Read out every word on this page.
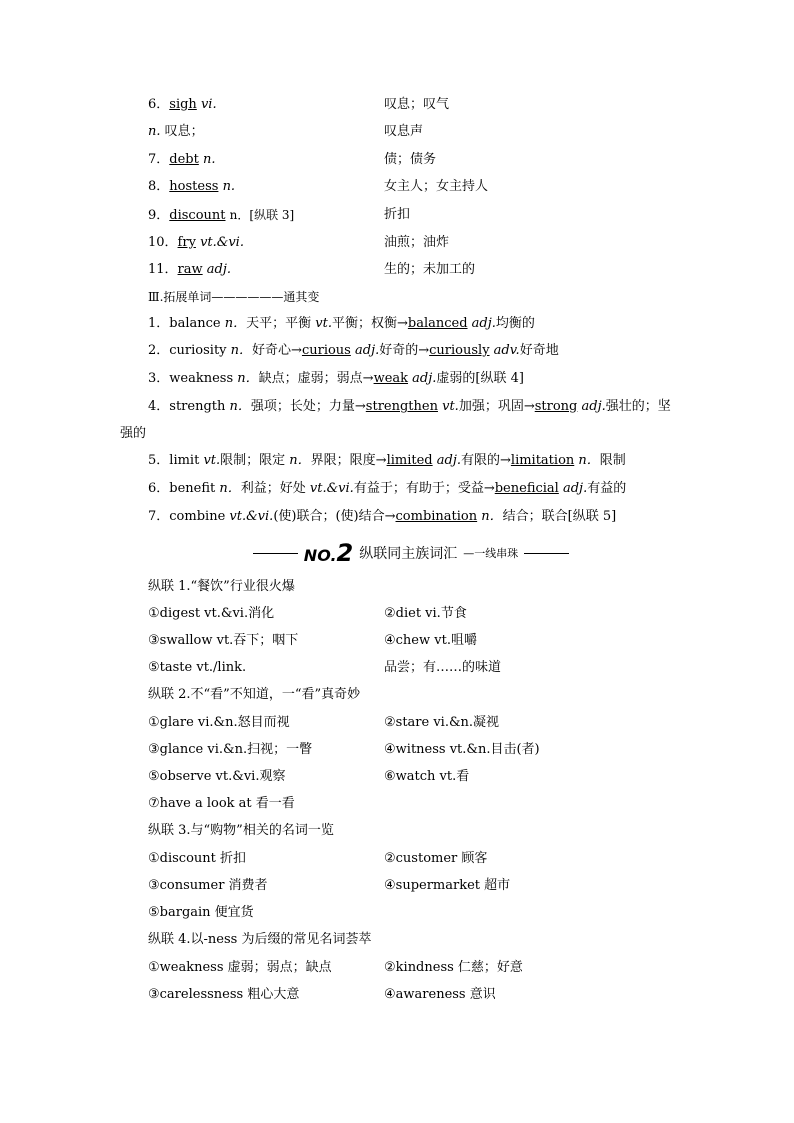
6．sigh vi.	叹息；叹气
n. 叹息；	叹息声
7．debt n.	债；债务
8．hostess n.	女主人；女主持人
9．discount n．[纵联 3]	折扣
10．fry vt.&vi.	油煎；油炸
11．raw adj.	生的；未加工的
Ⅲ.拓展单词——————通其变
1．balance n．天平；平衡 vt.平衡；权衡→balanced adj.均衡的
2．curiosity n．好奇心→curious adj.好奇的→curiously adv.好奇地
3．weakness n．缺点；虚弱；弱点→weak adj.虚弱的[纵联 4]
4．strength n．强项；长处；力量→strengthen vt.加强；巩固→strong adj.强壮的；坚
强的
5．limit vt.限制；限定 n．界限；限度→limited adj.有限的→limitation n．限制
6．benefit n．利益；好处 vt.&vi.有益于；有助于；受益→beneficial adj.有益的
7．combine vt.&vi.(使)联合；(使)结合→combination n．结合；联合[纵联 5]
NO.2 纵联同主族词汇 —一线串珠
纵联 1.“餐饮”行业很火爆
①digest vt.&vi.消化	②diet vi.节食
③swallow vt.吞下；咽下	④chew vt.咀嚼
⑤taste vt./link.	品尝；有……的味道
纵联 2.不“看”不知道，一“看”真奇妙
①glare vi.&n.怒目而视	②stare vi.&n.凝视
③glance vi.&n.扫视；一瞥	④witness vt.&n.目击(者)
⑤observe vt.&vi.观察	⑥watch vt.看
⑦have a look at 看一看
纵联 3.与“购物”相关的名词一览
①discount 折扣	②customer 顾客
③consumer 消费者	④supermarket 超市
⑤bargain 便宜货
纵联 4.以-ness 为后缀的常见名词荟萃
①weakness 虚弱；弱点；缺点	②kindness 仁慈；好意
③carelessness 粗心大意	④awareness 意识
